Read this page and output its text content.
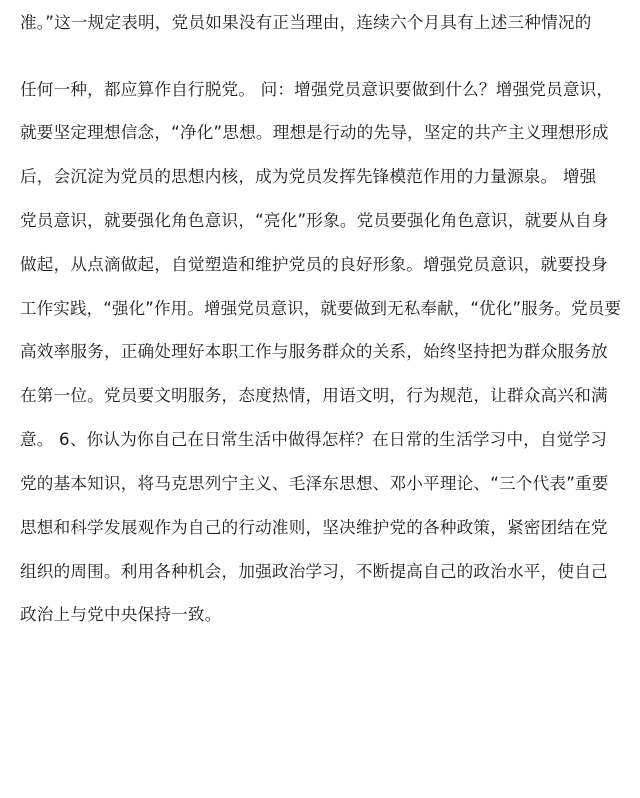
准。”这一规定表明，党员如果没有正当理由，连续六个月具有上述三种情况的
任何一种，都应算作自行脱党。 问：增强党员意识要做到什么？增强党员意识，
就要坚定理想信念，“净化”思想。理想是行动的先导，坚定的共产主义理想形成
后，会沉淀为党员的思想内核，成为党员发挥先锋模范作用的力量源泉。 增强
党员意识，就要强化角色意识，“亮化”形象。党员要强化角色意识，就要从自身
做起，从点滴做起，自觉塑造和维护党员的良好形象。增强党员意识，就要投身
工作实践，“强化”作用。增强党员意识，就要做到无私奉献，“优化”服务。党员要
高效率服务，正确处理好本职工作与服务群众的关系，始终坚持把为群众服务放
在第一位。党员要文明服务，态度热情，用语文明，行为规范，让群众高兴和满
意。 6、你认为你自己在日常生活中做得怎样？在日常的生活学习中，自觉学习
党的基本知识，将马克思列宁主义、毛泽东思想、邓小平理论、“三个代表”重要
思想和科学发展观作为自己的行动准则，坚决维护党的各种政策，紧密团结在党
组织的周围。利用各种机会，加强政治学习，不断提高自己的政治水平，使自己
政治上与党中央保持一致。
